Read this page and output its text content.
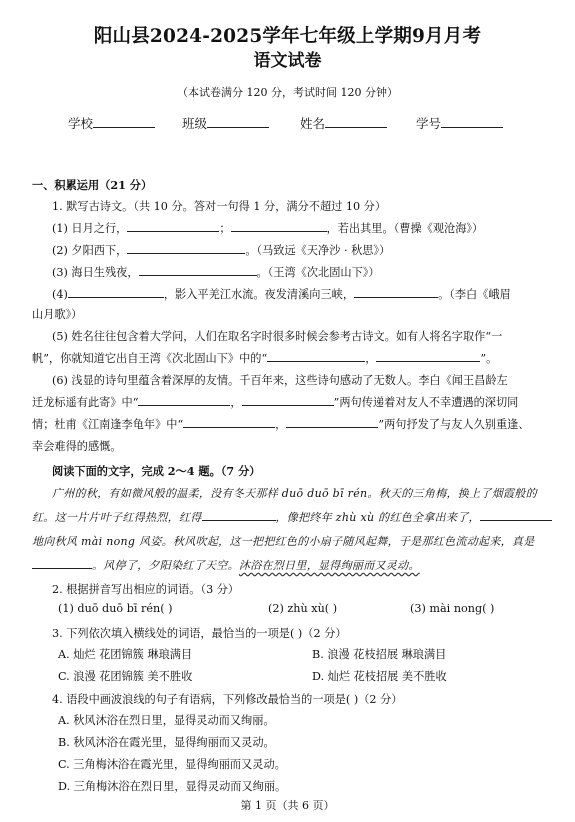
阳山县2024-2025学年七年级上学期9月月考
语文试卷
（本试卷满分 120 分，考试时间 120 分钟）
学校	班级	姓名	学号
一、积累运用（21 分）
1. 默写古诗文。（共 10 分。答对一句得 1 分，满分不超过 10 分）
(1) 日月之行，	；	，若出其里。（曹操《观沧海》）
(2) 夕阳西下，	。（马致远《天净沙 · 秋思》）
(3) 海日生残夜，	。（王湾《次北固山下》）
(4)	，影入平羌江水流。夜发清溪向三峡，	。（李白《峨眉
山月歌》）
(5) 姓名往往包含着大学问，人们在取名字时很多时候会参考古诗文。如有人将名字取作“一
帆”，你就知道它出自王湾《次北固山下》中的“	，	”。
(6) 浅显的诗句里蕴含着深厚的友情。千百年来，这些诗句感动了无数人。李白《闻王昌龄左
迁龙标遥有此寄》中“	，	”两句传递着对友人不幸遭遇的深切同
情；杜甫《江南逢李龟年》中“	，	”两句抒发了与友人久别重逢、
幸会难得的感慨。
阅读下面的文字，完成 2～4 题。（7 分）
广州的秋，有如微风般的温柔，没有冬天那样 duō duō bī rén。秋天的三角梅，换上了烟霞般的
红。这一片片叶子红得热烈，红得	，像把终年 zhù xù 的红色全拿出来了，
地向秋风 mài nong 风姿。秋风吹起，这一把把红色的小扇子随风起舞，于是那红色流动起来，真是
。风停了，夕阳染红了天空。沐浴在烈日里，显得绚丽而又灵动。
2. 根据拼音写出相应的词语。（3 分）
(1) duō duō bī rén( )	(2) zhù xù( )	(3) mài nong( )
3. 下列依次填入横线处的词语，最恰当的一项是( )（2 分）
A. 灿烂 花团锦簇 琳琅满目	B. 浪漫 花枝招展 琳琅满目
C. 浪漫 花团锦簇 美不胜收	D. 灿烂 花枝招展 美不胜收
4. 语段中画波浪线的句子有语病，下列修改最恰当的一项是( )（2 分）
A. 秋风沐浴在烈日里，显得灵动而又绚丽。
B. 秋风沐浴在霞光里，显得绚丽而又灵动。
C. 三角梅沐浴在霞光里，显得绚丽而又灵动。
D. 三角梅沐浴在烈日里，显得灵动而又绚丽。
第 1 页（共 6 页）
